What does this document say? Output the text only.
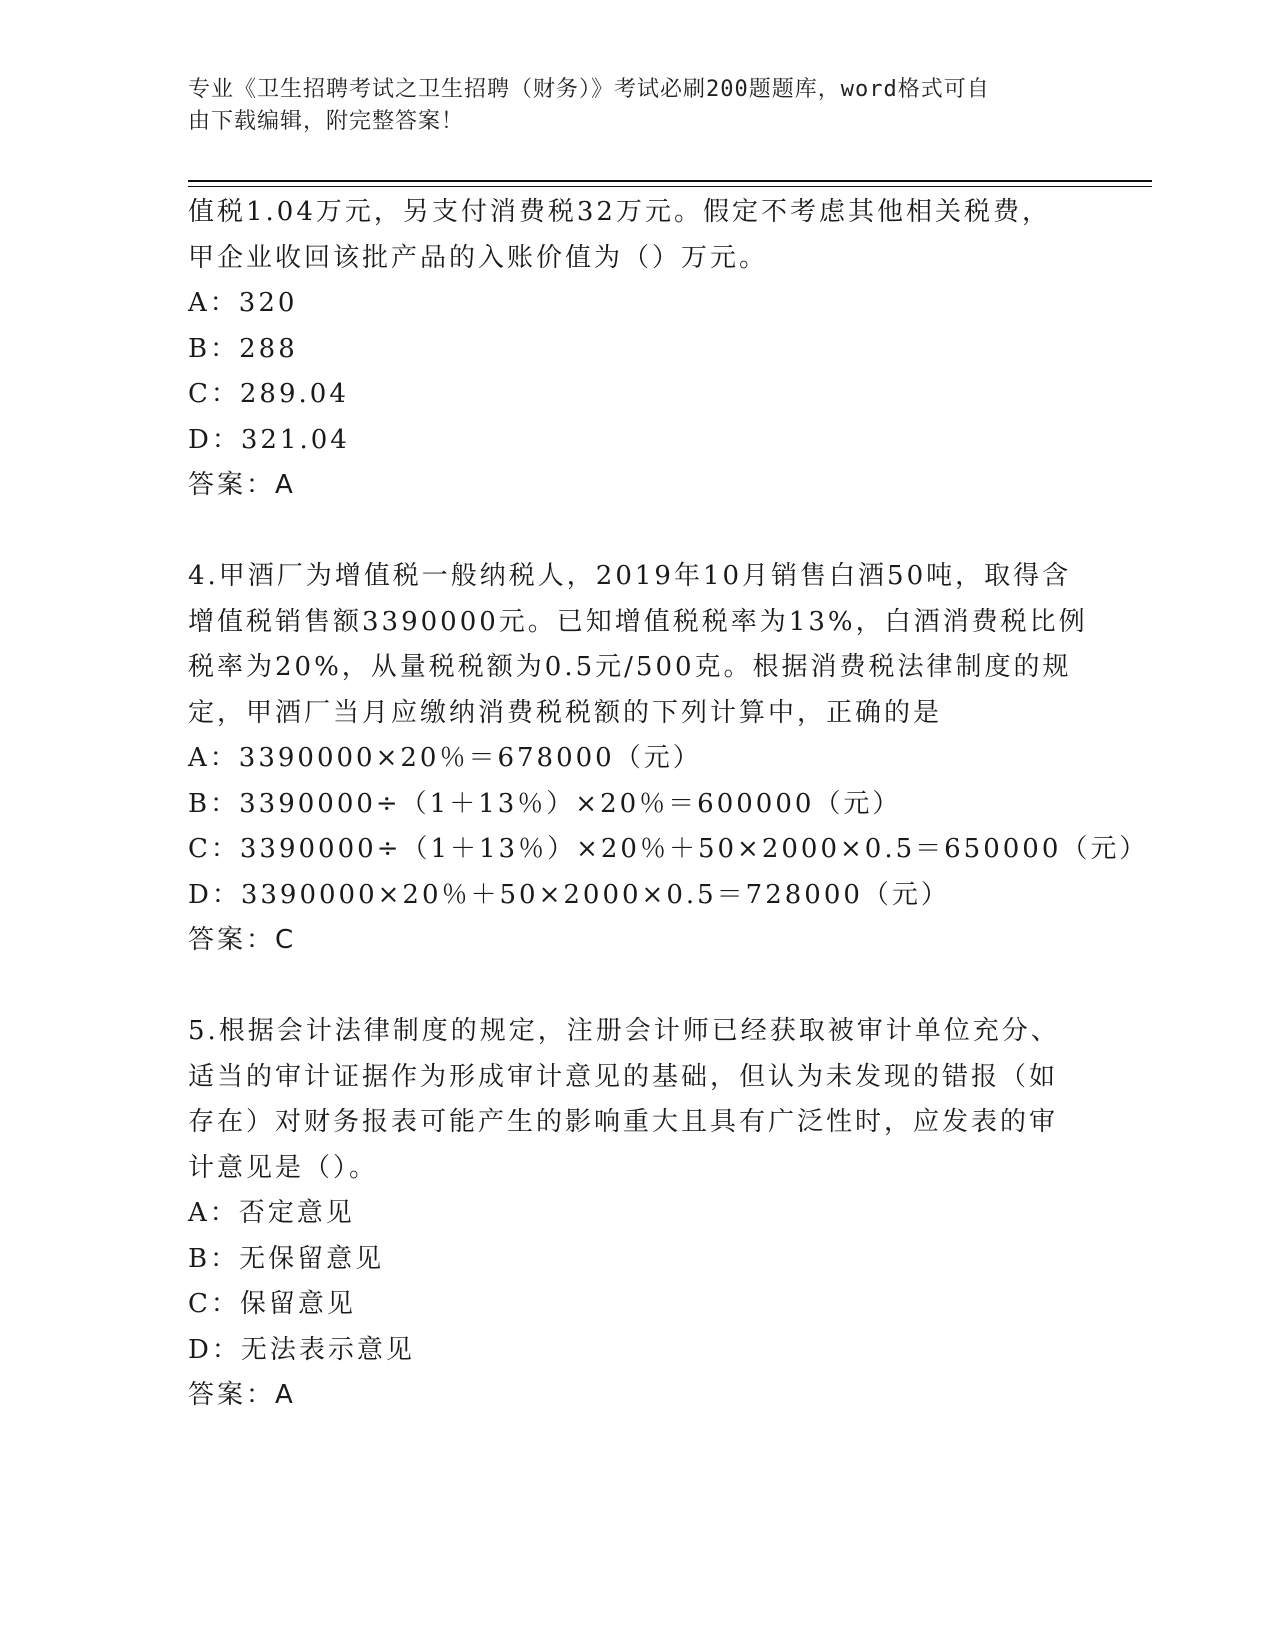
专业《卫生招聘考试之卫生招聘（财务）》考试必刷200题题库，word格式可自
由下载编辑，附完整答案！
值税1.04万元，另支付消费税32万元。假定不考虑其他相关税费，
甲企业收回该批产品的入账价值为（）万元。
A：320
B：288
C：289.04
D：321.04
答案：A
4.甲酒厂为增值税一般纳税人，2019年10月销售白酒50吨，取得含
增值税销售额3390000元。已知增值税税率为13%，白酒消费税比例
税率为20%，从量税税额为0.5元/500克。根据消费税法律制度的规
定，甲酒厂当月应缴纳消费税税额的下列计算中，正确的是
A：3390000×20％＝678000（元）
B：3390000÷（1＋13％）×20％＝600000（元）
C：3390000÷（1＋13％）×20％＋50×2000×0.5＝650000（元）
D：3390000×20％＋50×2000×0.5＝728000（元）
答案：C
5.根据会计法律制度的规定，注册会计师已经获取被审计单位充分、
适当的审计证据作为形成审计意见的基础，但认为未发现的错报（如
存在）对财务报表可能产生的影响重大且具有广泛性时，应发表的审
计意见是（）。
A：否定意见
B：无保留意见
C：保留意见
D：无法表示意见
答案：A
